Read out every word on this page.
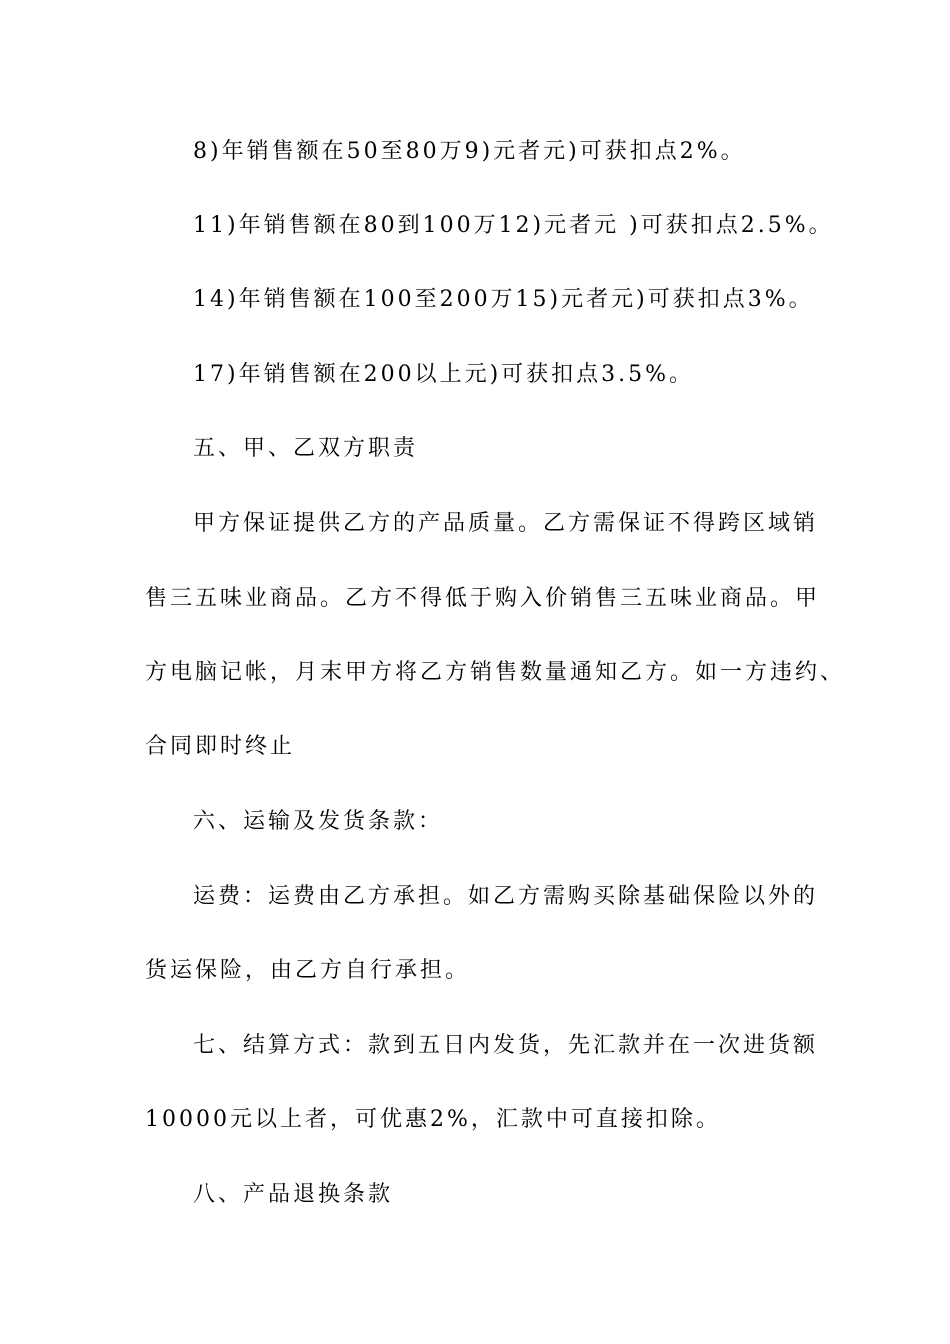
8)年销售额在50至80万9)元者元)可获扣点2%。
11)年销售额在80到100万12)元者元 )可获扣点2.5%。
14)年销售额在100至200万15)元者元)可获扣点3%。
17)年销售额在200以上元)可获扣点3.5%。
五、甲、乙双方职责
甲方保证提供乙方的产品质量。乙方需保证不得跨区域销
售三五味业商品。乙方不得低于购入价销售三五味业商品。甲
方电脑记帐，月末甲方将乙方销售数量通知乙方。如一方违约、
合同即时终止
六、运输及发货条款：
运费：运费由乙方承担。如乙方需购买除基础保险以外的
货运保险，由乙方自行承担。
七、结算方式：款到五日内发货，先汇款并在一次进货额
10000元以上者，可优惠2%，汇款中可直接扣除。
八、产品退换条款
